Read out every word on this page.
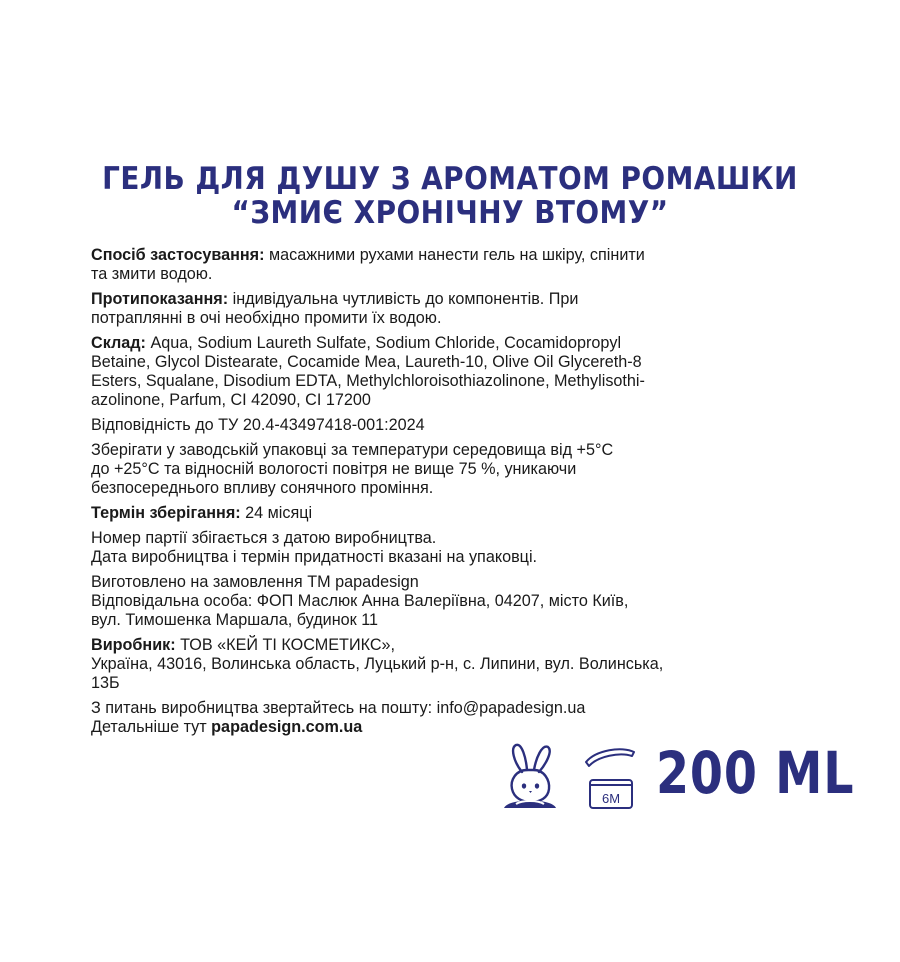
ГЕЛЬ ДЛЯ ДУШУ З АРОМАТОМ РОМАШКИ
“ЗМИЄ ХРОНІЧНУ ВТОМУ”

Спосіб застосування: масажними рухами нанести гель на шкіру, спінити
та змити водою.

Протипоказання: індивідуальна чутливість до компонентів. При
потраплянні в очі необхідно промити їх водою.

Склад: Aqua, Sodium Laureth Sulfate, Sodium Chloride, Cocamidopropyl
Betaine, Glycol Distearate, Cocamide Mea, Laureth-10, Olive Oil Glycereth-8
Esters, Squalane, Disodium EDTA, Methylchloroisothiazolinone, Methylisothi-
azolinone, Parfum, CI 42090, CI 17200

Відповідність до ТУ 20.4-43497418-001:2024

Зберігати у заводській упаковці за температури середовища від +5°C
до +25°C та відносній вологості повітря не вище 75 %, уникаючи
безпосереднього впливу сонячного проміння.

Термін зберігання: 24 місяці

Номер партії збігається з датою виробництва.
Дата виробництва і термін придатності вказані на упаковці.

Виготовлено на замовлення ТМ papadesign
Відповідальна особа: ФОП Маслюк Анна Валеріївна, 04207, місто Київ,
вул. Тимошенка Маршала, будинок 11

Виробник: ТОВ «КЕЙ ТІ КОСМЕТИКС»,
Україна, 43016, Волинська область, Луцький р-н, с. Липини, вул. Волинська,
13Б

З питань виробництва звертайтесь на пошту: info@papadesign.ua
Детальніше тут papadesign.com.ua

6M 200 ML
